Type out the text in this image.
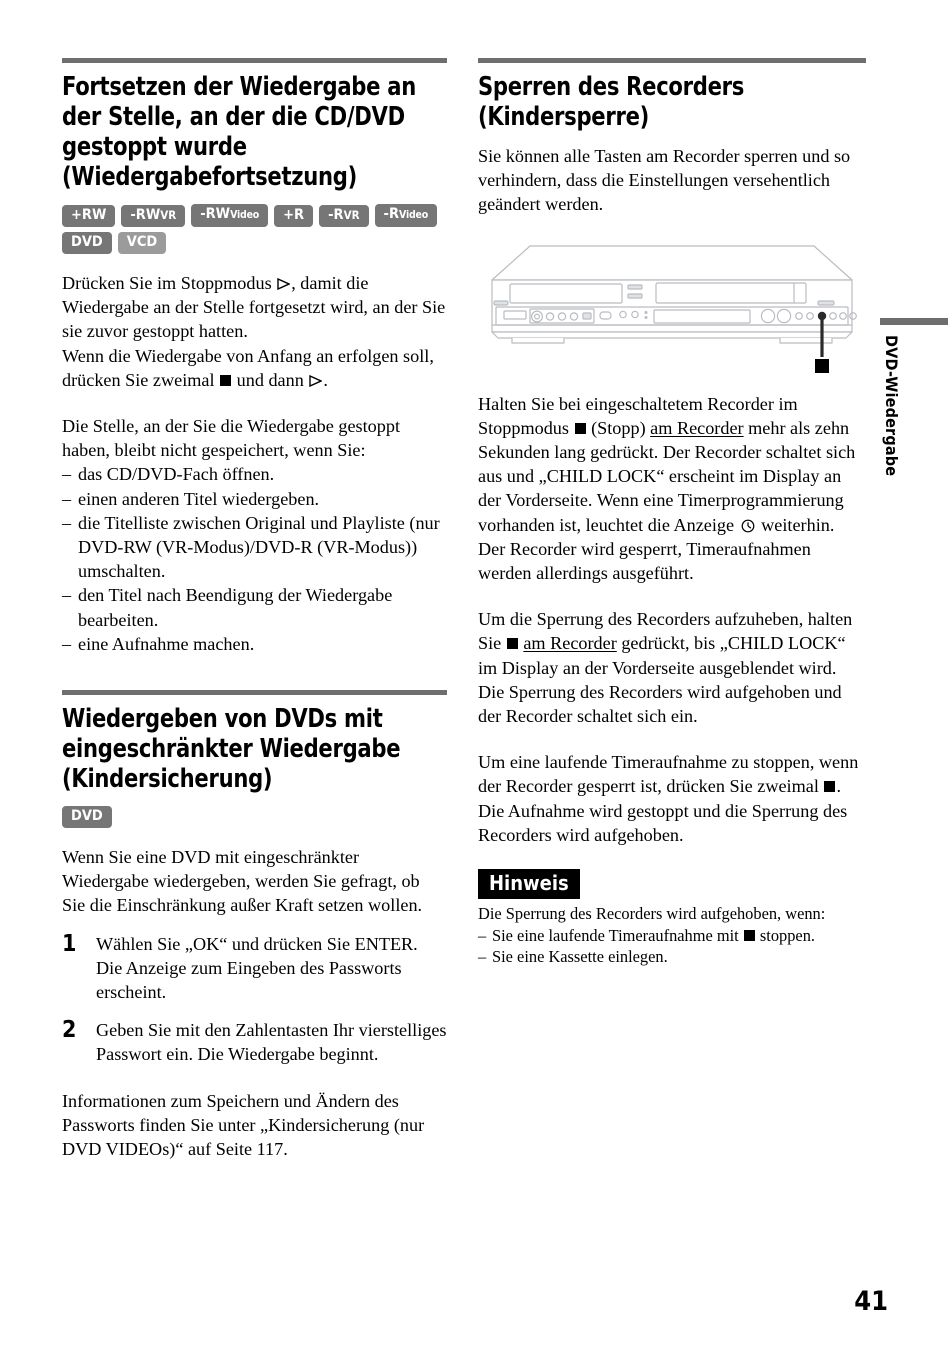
Fortsetzen der Wiedergabe an der Stelle, an der die CD/DVD gestoppt wurde (Wiedergabefortsetzung)
+RW -RWVR -RWVideo +R -RVR -RVideo
DVD VCD

Drücken Sie im Stoppmodus , damit die Wiedergabe an der Stelle fortgesetzt wird, an der Sie sie zuvor gestoppt hatten.
Wenn die Wiedergabe von Anfang an erfolgen soll, drücken Sie zweimal  und dann .

Die Stelle, an der Sie die Wiedergabe gestoppt haben, bleibt nicht gespeichert, wenn Sie:

– das CD/DVD-Fach öffnen.
– einen anderen Titel wiedergeben.
– die Titelliste zwischen Original und Playliste (nur DVD-RW (VR-Modus)/DVD-R (VR-Modus)) umschalten.
– den Titel nach Beendigung der Wiedergabe bearbeiten.
– eine Aufnahme machen.
Wiedergeben von DVDs mit eingeschränkter Wiedergabe (Kindersicherung)
DVD

Wenn Sie eine DVD mit eingeschränkter Wiedergabe wiedergeben, werden Sie gefragt, ob Sie die Einschränkung außer Kraft setzen wollen.

1	Wählen Sie „OK“ und drücken Sie ENTER. Die Anzeige zum Eingeben des Passworts erscheint.
2	Geben Sie mit den Zahlentasten Ihr vierstelliges Passwort ein. Die Wiedergabe beginnt.

Informationen zum Speichern und Ändern des Passworts finden Sie unter „Kindersicherung (nur DVD VIDEOs)“ auf Seite 117.

Sperren des Recorders (Kindersperre)

Sie können alle Tasten am Recorder sperren und so verhindern, dass die Einstellungen versehentlich geändert werden.

Halten Sie bei eingeschaltetem Recorder im Stoppmodus  (Stopp) am Recorder mehr als zehn Sekunden lang gedrückt. Der Recorder schaltet sich aus und „CHILD LOCK“ erscheint im Display an der Vorderseite. Wenn eine Timerprogrammierung vorhanden ist, leuchtet die Anzeige  weiterhin. Der Recorder wird gesperrt, Timeraufnahmen werden allerdings ausgeführt.

Um die Sperrung des Recorders aufzuheben, halten Sie  am Recorder gedrückt, bis „CHILD LOCK“ im Display an der Vorderseite ausgeblendet wird. Die Sperrung des Recorders wird aufgehoben und der Recorder schaltet sich ein.

Um eine laufende Timeraufnahme zu stoppen, wenn der Recorder gesperrt ist, drücken Sie zweimal . Die Aufnahme wird gestoppt und die Sperrung des Recorders wird aufgehoben.

Hinweis
Die Sperrung des Recorders wird aufgehoben, wenn:
– Sie eine laufende Timeraufnahme mit  stoppen.
– Sie eine Kassette einlegen.
DVD-Wiedergabe
41
